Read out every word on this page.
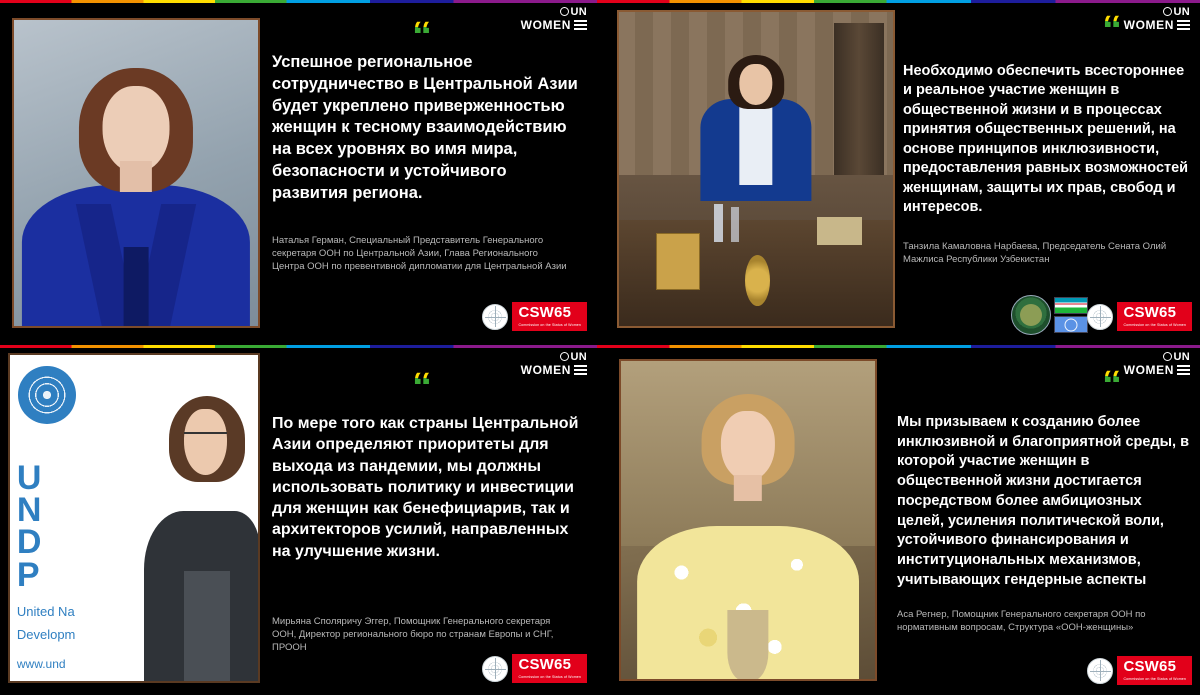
“
Успешное региональное сотрудничество в Центральной Азии будет укреплено приверженностью женщин к тесному взаимодействию на всех уровнях во имя мира, безопасности и устойчивого развития региона.
Наталья Герман, Специальный Представитель Генерального секретаря ООН по Центральной Азии, Глава Регионального Центра ООН по превентивной дипломатии для Центральной Азии
CSW65
Commission on the Status of Women
UN
WOMEN	“
Необходимо обеспечить всестороннее и реальное участие женщин в общественной жизни и в процессах принятия общественных решений, на основе принципов инклюзивности, предоставления равных возможностей женщинам, защиты их прав, свобод и интересов.
Танзила Камаловна Нарбаева, Председатель Сената Олий Мажлиса Республики Узбекистан
CSW65
Commission on the Status of Women
UN
WOMEN
U
N
D
P
United Na
Developm
www.und
“
По мере того как страны Центральной Азии определяют приоритеты для выхода из пандемии, мы должны использовать политику и инвестиции для женщин как бенефициарив, так и архитекторов усилий, направленных на улучшение жизни.
Мирьяна Споляричу Эггер, Помощник Генерального секретаря ООН, Директор регионального бюро по странам Европы и СНГ, ПРООН
CSW65
Commission on the Status of Women
UN
WOMEN	“
Мы призываем к созданию более инклюзивной и благоприятной среды, в которой участие женщин в общественной жизни достигается посредством более амбициозных целей, усиления политической воли, устойчивого финансирования и институциональных механизмов, учитывающих гендерные аспекты
Аса Регнер, Помощник Генерального секретаря ООН по нормативным вопросам, Структура «ООН-женщины»
CSW65
Commission on the Status of Women
UN
WOMEN
